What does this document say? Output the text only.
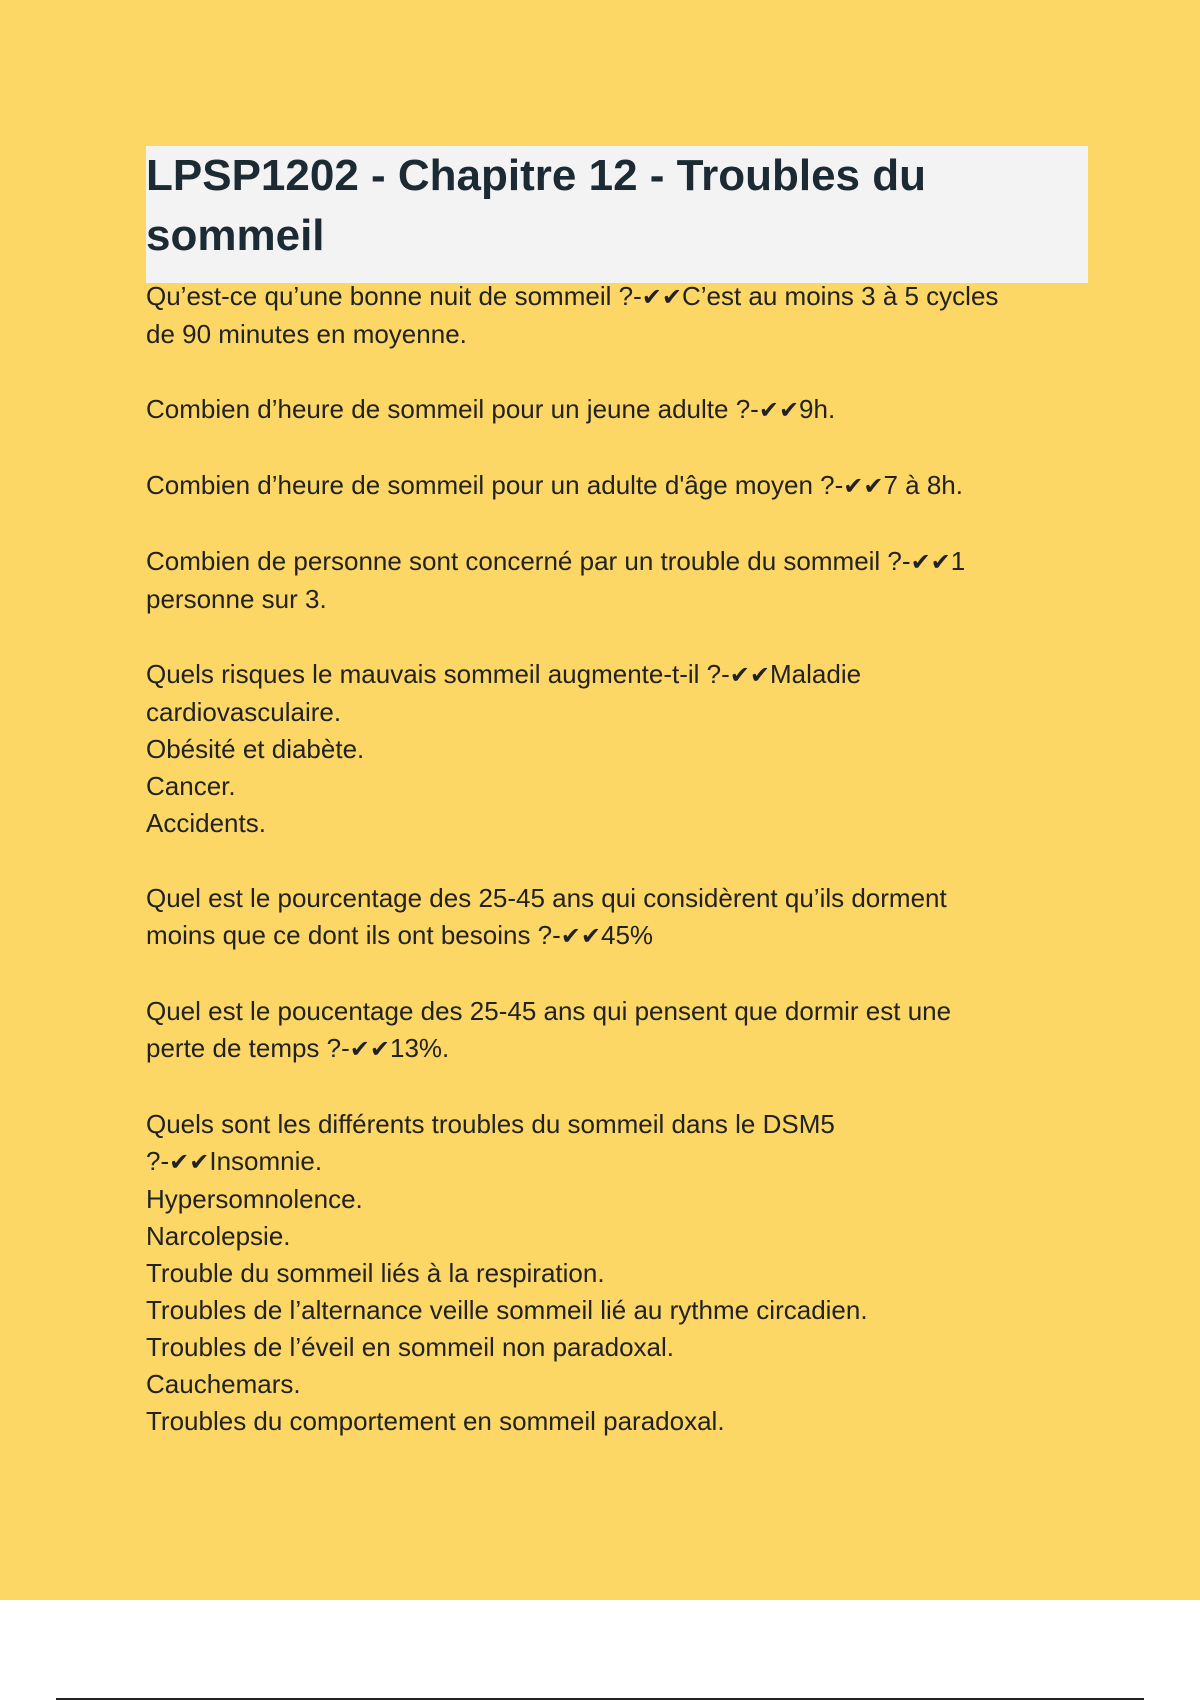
LPSP1202 - Chapitre 12 - Troubles du
sommeil
Qu’est-ce qu’une bonne nuit de sommeil ?-✔✔C’est au moins 3 à 5 cycles
de 90 minutes en moyenne.
Combien d’heure de sommeil pour un jeune adulte ?-✔✔9h.
Combien d’heure de sommeil pour un adulte d'âge moyen ?-✔✔7 à 8h.
Combien de personne sont concerné par un trouble du sommeil ?-✔✔1
personne sur 3.
Quels risques le mauvais sommeil augmente-t-il ?-✔✔Maladie
cardiovasculaire.
Obésité et diabète.
Cancer.
Accidents.
Quel est le pourcentage des 25-45 ans qui considèrent qu’ils dorment
moins que ce dont ils ont besoins ?-✔✔45%
Quel est le poucentage des 25-45 ans qui pensent que dormir est une
perte de temps ?-✔✔13%.
Quels sont les différents troubles du sommeil dans le DSM5
?-✔✔Insomnie.
Hypersomnolence.
Narcolepsie.
Trouble du sommeil liés à la respiration.
Troubles de l’alternance veille sommeil lié au rythme circadien.
Troubles de l’éveil en sommeil non paradoxal.
Cauchemars.
Troubles du comportement en sommeil paradoxal.
